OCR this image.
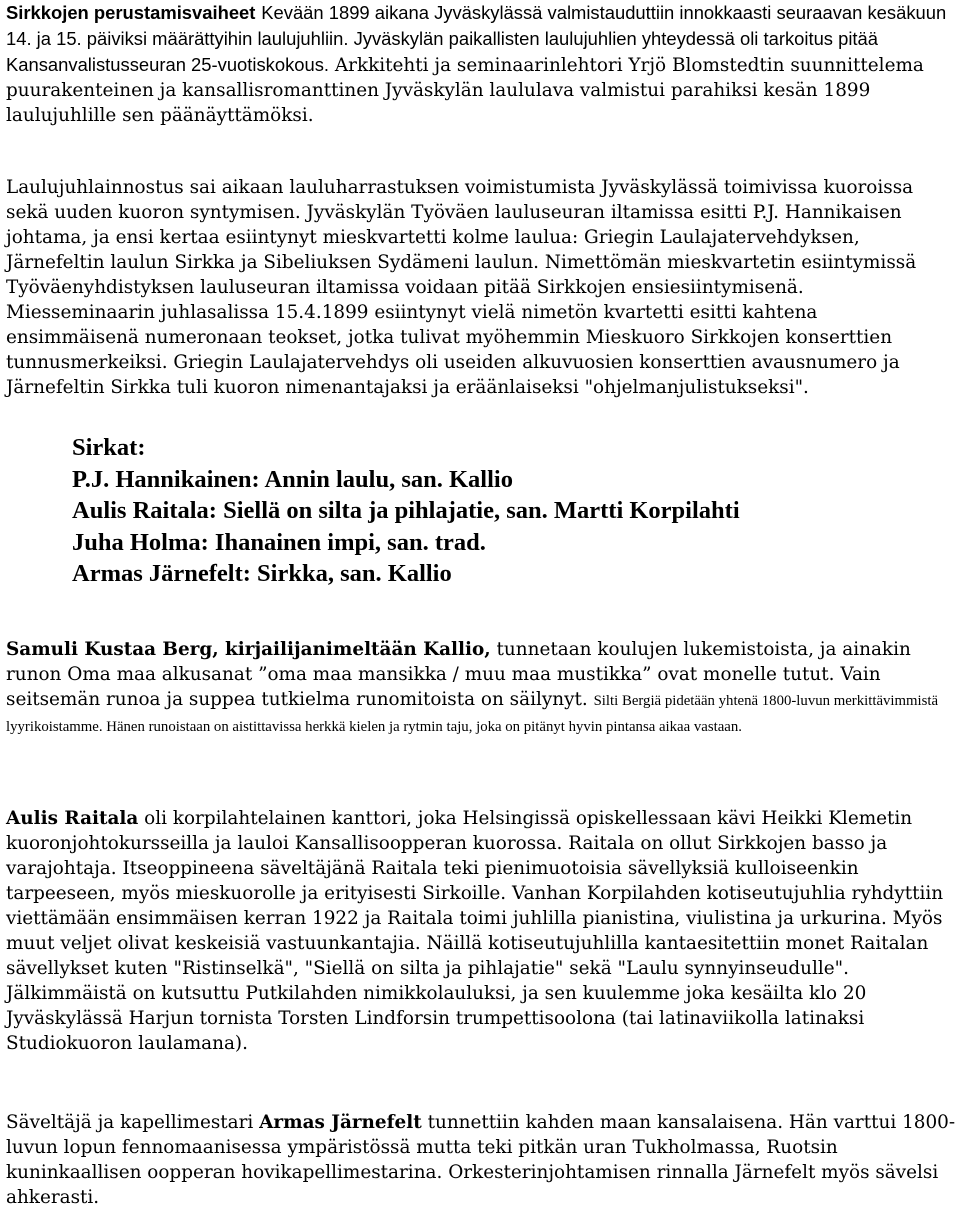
Sirkkojen perustamisvaiheet Kevään 1899 aikana Jyväskylässä valmistauduttiin innokkaasti seuraavan kesäkuun 14. ja 15. päiviksi määrättyihin laulujuhliin. Jyväskylän paikallisten laulujuhlien yhteydessä oli tarkoitus pitää Kansanvalistusseuran 25-vuotiskokous. Arkkitehti ja seminaarinlehtori Yrjö Blomstedtin suunnittelema puurakenteinen ja kansallisromanttinen Jyväskylän laululava valmistui parahiksi kesän 1899 laulujuhlille sen päänäyttämöksi.

Laulujuhlainnostus sai aikaan lauluharrastuksen voimistumista Jyväskylässä toimivissa kuoroissa sekä uuden kuoron syntymisen. Jyväskylän Työväen lauluseuran iltamissa esitti P.J. Hannikaisen johtama, ja ensi kertaa esiintynyt mieskvartetti kolme laulua: Griegin Laulajatervehdyksen, Järnefeltin laulun Sirkka ja Sibeliuksen Sydämeni laulun. Nimettömän mieskvartetin esiintymissä Työväenyhdistyksen lauluseuran iltamissa voidaan pitää Sirkkojen ensiesiintymisenä. Miesseminaarin juhlasalissa 15.4.1899 esiintynyt vielä nimetön kvartetti esitti kahtena ensimmäisenä numeronaan teokset, jotka tulivat myöhemmin Mieskuoro Sirkkojen konserttien tunnusmerkeiksi. Griegin Laulajatervehdys oli useiden alkuvuosien konserttien avausnumero ja Järnefeltin Sirkka tuli kuoron nimenantajaksi ja eräänlaiseksi "ohjelmanjulistukseksi".

Sirkat:
P.J. Hannikainen: Annin laulu, san. Kallio
Aulis Raitala: Siellä on silta ja pihlajatie, san. Martti Korpilahti
Juha Holma: Ihanainen impi, san. trad.
Armas Järnefelt: Sirkka, san. Kallio

Samuli Kustaa Berg, kirjailijanimeltään Kallio, tunnetaan koulujen lukemistoista, ja ainakin runon Oma maa alkusanat ”oma maa mansikka / muu maa mustikka” ovat monelle tutut. Vain seitsemän runoa ja suppea tutkielma runomitoista on säilynyt. Silti Bergiä pidetään yhtenä 1800-luvun merkittävimmistä lyyrikoistamme. Hänen runoistaan on aistittavissa herkkä kielen ja rytmin taju, joka on pitänyt hyvin pintansa aikaa vastaan.

Aulis Raitala oli korpilahtelainen kanttori, joka Helsingissä opiskellessaan kävi Heikki Klemetin kuoronjohtokursseilla ja lauloi Kansallisoopperan kuorossa. Raitala on ollut Sirkkojen basso ja varajohtaja. Itseoppineena säveltäjänä Raitala teki pienimuotoisia sävellyksiä kulloiseenkin tarpeeseen, myös mieskuorolle ja erityisesti Sirkoille. Vanhan Korpilahden kotiseutujuhlia ryhdyttiin viettämään ensimmäisen kerran 1922 ja Raitala toimi juhlilla pianistina, viulistina ja urkurina. Myös muut veljet olivat keskeisiä vastuunkantajia. Näillä kotiseutujuhlilla kantaesitettiin monet Raitalan sävellykset kuten "Ristinselkä", "Siellä on silta ja pihlajatie" sekä "Laulu synnyinseudulle". Jälkimmäistä on kutsuttu Putkilahden nimikkolauluksi, ja sen kuulemme joka kesäilta klo 20 Jyväskylässä Harjun tornista Torsten Lindforsin trumpettisoolona (tai latinaviikolla latinaksi Studiokuoron laulamana).

Säveltäjä ja kapellimestari Armas Järnefelt tunnettiin kahden maan kansalaisena. Hän varttui 1800-luvun lopun fennomaanisessa ympäristössä mutta teki pitkän uran Tukholmassa, Ruotsin kuninkaallisen oopperan hovikapellimestarina. Orkesterinjohtamisen rinnalla Järnefelt myös sävelsi ahkerasti.
